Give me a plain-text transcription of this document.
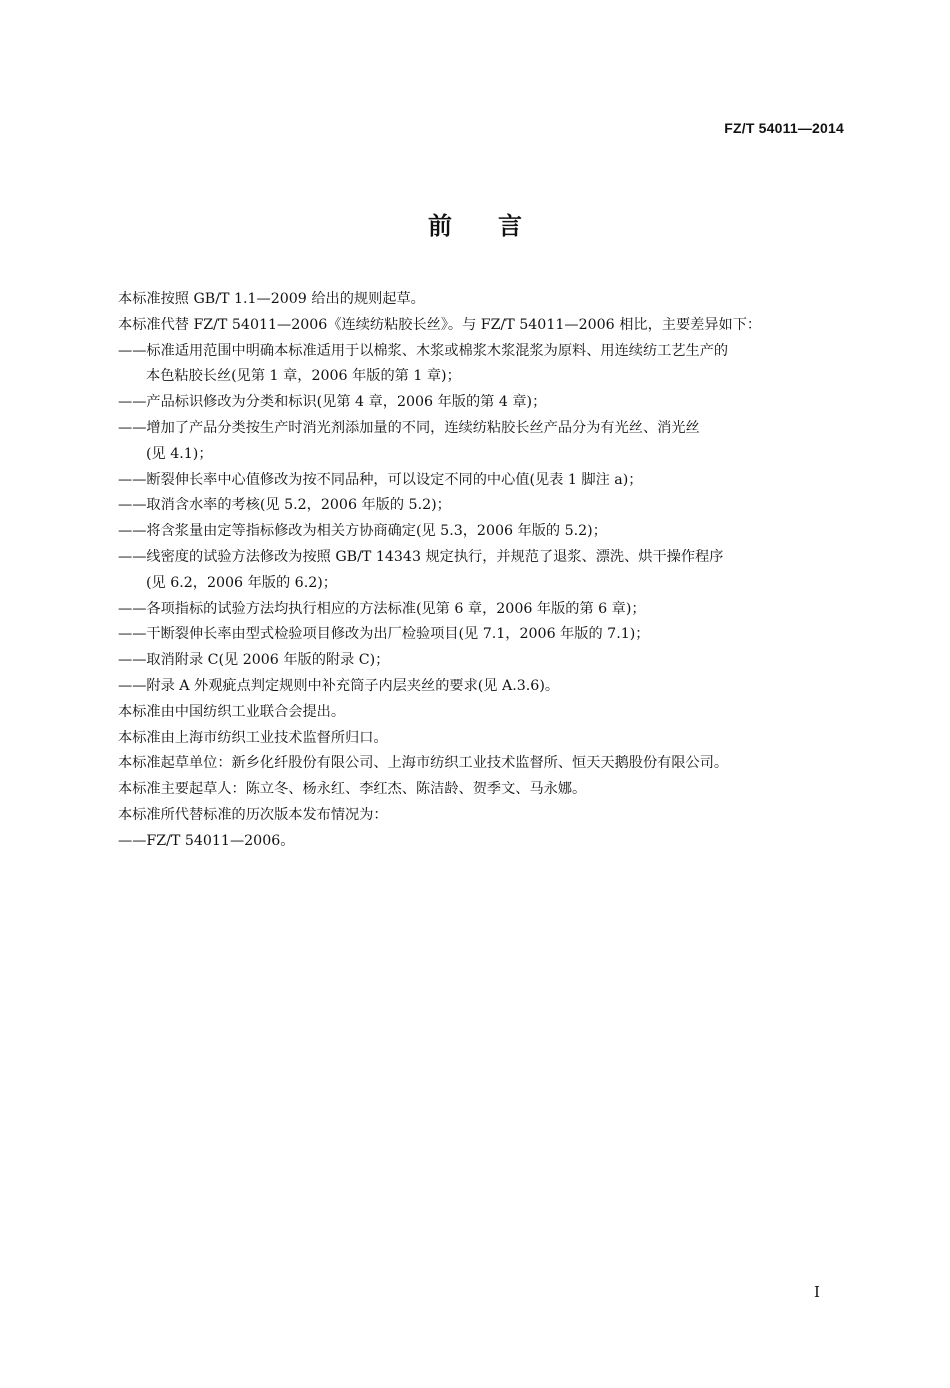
FZ/T 54011—2014
前 言

本标准按照 GB/T 1.1—2009 给出的规则起草。

本标准代替 FZ/T 54011—2006《连续纺粘胶长丝》。与 FZ/T 54011—2006 相比，主要差异如下：

——标准适用范围中明确本标准适用于以棉浆、木浆或棉浆木浆混浆为原料、用连续纺工艺生产的
本色粘胶长丝(见第 1 章，2006 年版的第 1 章)；

——产品标识修改为分类和标识(见第 4 章，2006 年版的第 4 章)；

——增加了产品分类按生产时消光剂添加量的不同，连续纺粘胶长丝产品分为有光丝、消光丝
(见 4.1)；

——断裂伸长率中心值修改为按不同品种，可以设定不同的中心值(见表 1 脚注 a)；

——取消含水率的考核(见 5.2，2006 年版的 5.2)；

——将含浆量由定等指标修改为相关方协商确定(见 5.3，2006 年版的 5.2)；

——线密度的试验方法修改为按照 GB/T 14343 规定执行，并规范了退浆、漂洗、烘干操作程序
(见 6.2，2006 年版的 6.2)；

——各项指标的试验方法均执行相应的方法标准(见第 6 章，2006 年版的第 6 章)；

——干断裂伸长率由型式检验项目修改为出厂检验项目(见 7.1，2006 年版的 7.1)；

——取消附录 C(见 2006 年版的附录 C)；

——附录 A 外观疵点判定规则中补充筒子内层夹丝的要求(见 A.3.6)。

本标准由中国纺织工业联合会提出。

本标准由上海市纺织工业技术监督所归口。

本标准起草单位：新乡化纤股份有限公司、上海市纺织工业技术监督所、恒天天鹅股份有限公司。

本标准主要起草人：陈立冬、杨永红、李红杰、陈洁龄、贺季文、马永娜。

本标准所代替标准的历次版本发布情况为：

——FZ/T 54011—2006。

I
